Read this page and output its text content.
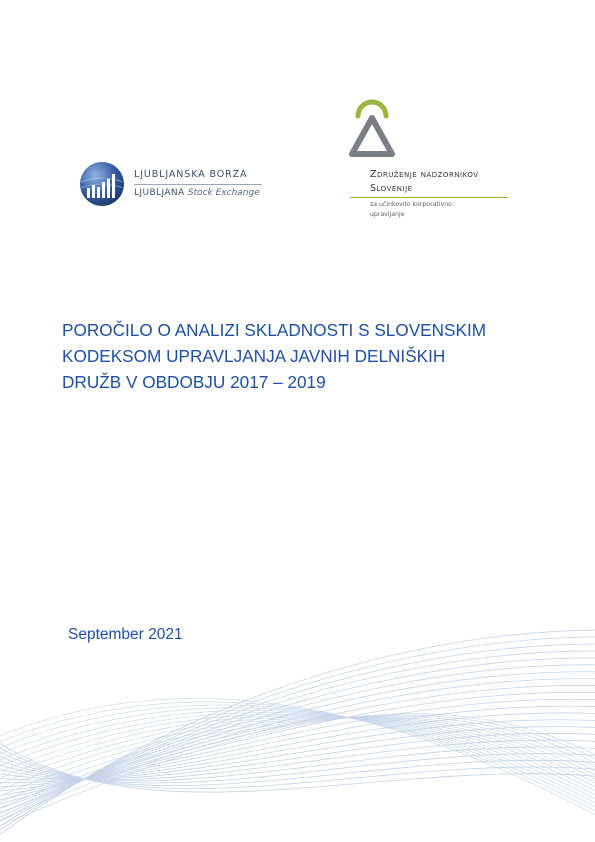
LJUBLJANSKA BORZA
LJUBLJANA Stock Exchange
Združenje nadzornikov
Slovenije
za učinkovito korporativno
upravljanje
POROČILO O ANALIZI SKLADNOSTI S SLOVENSKIM
KODEKSOM UPRAVLJANJA JAVNIH DELNIŠKIH
DRUŽB V OBDOBJU 2017 – 2019
September 2021
